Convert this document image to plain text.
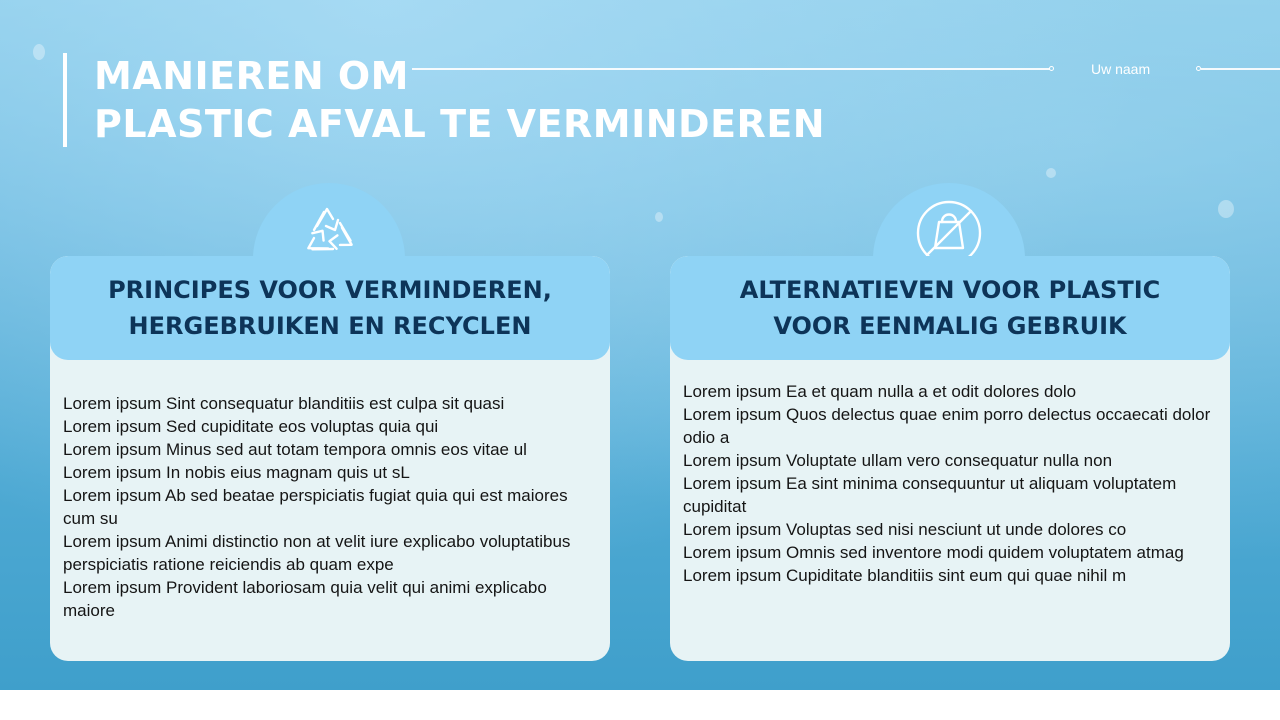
MANIEREN OM
PLASTIC AFVAL TE VERMINDEREN
Uw naam
PRINCIPES VOOR VERMINDEREN,
HERGEBRUIKEN EN RECYCLEN
Lorem ipsum Sint consequatur blanditiis est culpa sit quasi
Lorem ipsum Sed cupiditate eos voluptas quia qui
Lorem ipsum Minus sed aut totam tempora omnis eos vitae ul
Lorem ipsum In nobis eius magnam quis ut sL
Lorem ipsum Ab sed beatae perspiciatis fugiat quia qui est maiores cum su
Lorem ipsum Animi distinctio non at velit iure explicabo voluptatibus perspiciatis ratione reiciendis ab quam expe
Lorem ipsum Provident laboriosam quia velit qui animi explicabo maiore
ALTERNATIEVEN VOOR PLASTIC
VOOR EENMALIG GEBRUIK
Lorem ipsum Ea et quam nulla a et odit dolores dolo
Lorem ipsum Quos delectus quae enim porro delectus occaecati dolor odio a
Lorem ipsum Voluptate ullam vero consequatur nulla non
Lorem ipsum Ea sint minima consequuntur ut aliquam voluptatem cupiditat
Lorem ipsum Voluptas sed nisi nesciunt ut unde dolores co
Lorem ipsum Omnis sed inventore modi quidem voluptatem atmag
Lorem ipsum Cupiditate blanditiis sint eum qui quae nihil m
